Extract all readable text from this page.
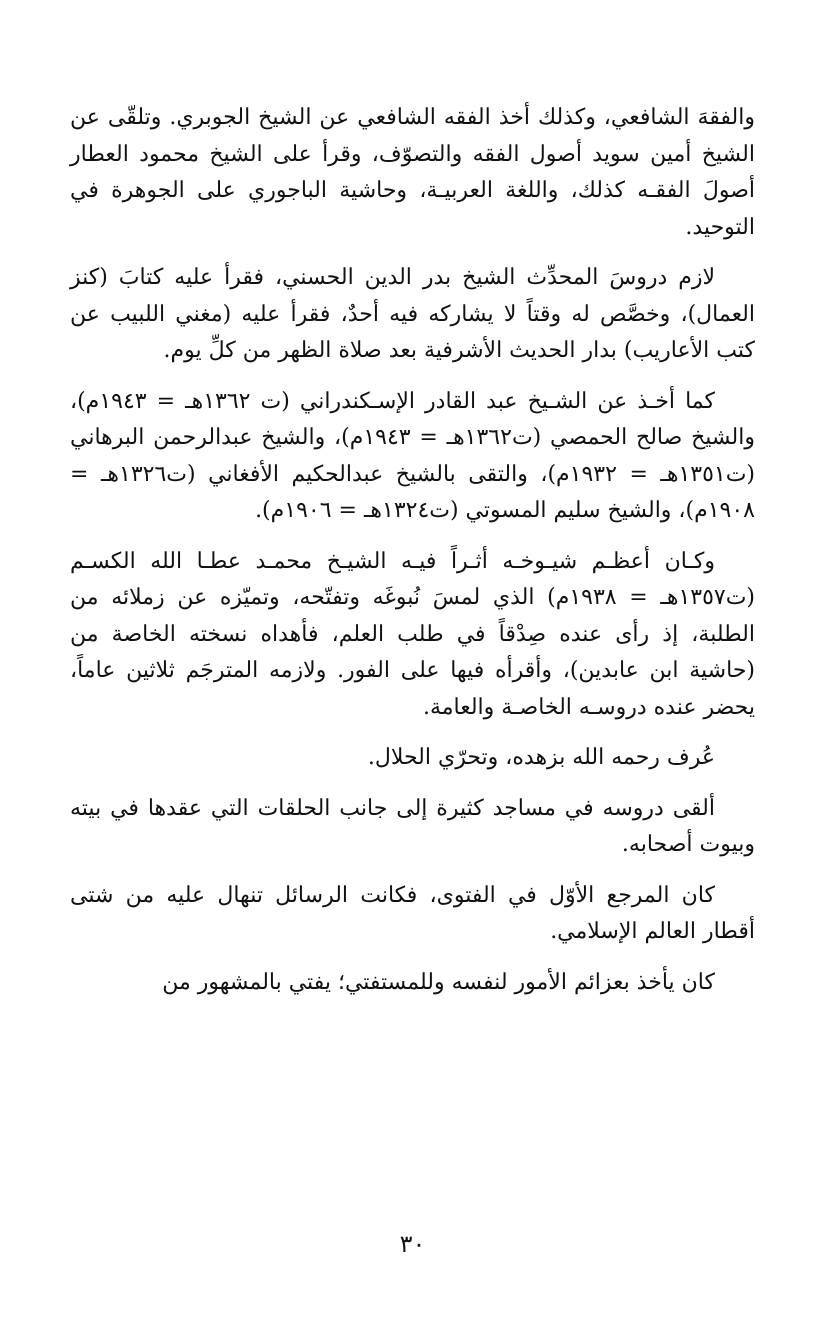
والفقهَ الشافعي، وكذلك أخذ الفقه الشافعي عن الشيخ الجوبري. وتلقّى عن الشيخ أمين سويد أصول الفقه والتصوّف، وقرأ على الشيخ محمود العطار أصولَ الفقـه كذلك، واللغة العربيـة، وحاشية الباجوري على الجوهرة في التوحيد.

لازم دروسَ المحدِّث الشيخ بدر الدين الحسني، فقرأ عليه كتابَ (كنز العمال)، وخصَّص له وقتاً لا يشاركه فيه أحدٌ، فقرأ عليه (مغني اللبيب عن كتب الأعاريب) بدار الحديث الأشرفية بعد صلاة الظهر من كلِّ يوم.

كما أخـذ عن الشـيخ عبد القادر الإسـكندراني (ت ١٣٦٢هـ = ١٩٤٣م)، والشيخ صالح الحمصي (ت١٣٦٢هـ = ١٩٤٣م)، والشيخ عبدالرحمن البرهاني (ت١٣٥١هـ = ١٩٣٢م)، والتقى بالشيخ عبدالحكيم الأفغاني (ت١٣٢٦هـ = ١٩٠٨م)، والشيخ سليم المسوتي (ت١٣٢٤هـ = ١٩٠٦م).

وكـان أعظـم شيـوخـه أثـراً فيـه الشيـخ محمـد عطـا الله الكسـم (ت١٣٥٧هـ = ١٩٣٨م) الذي لمسَ نُبوغَه وتفتّحه، وتميّزه عن زملائه من الطلبة، إذ رأى عنده صِدْقاً في طلب العلم، فأهداه نسخته الخاصة من (حاشية ابن عابدين)، وأقرأه فيها على الفور. ولازمه المترجَم ثلاثين عاماً، يحضر عنده دروسـه الخاصـة والعامة.

عُرف رحمه الله بزهده، وتحرّي الحلال.

ألقى دروسه في مساجد كثيرة إلى جانب الحلقات التي عقدها في بيته وبيوت أصحابه.

كان المرجع الأوّل في الفتوى، فكانت الرسائل تنهال عليه من شتى أقطار العالم الإسلامي.

كان يأخذ بعزائم الأمور لنفسه وللمستفتي؛ يفتي بالمشهور من

٣٠
